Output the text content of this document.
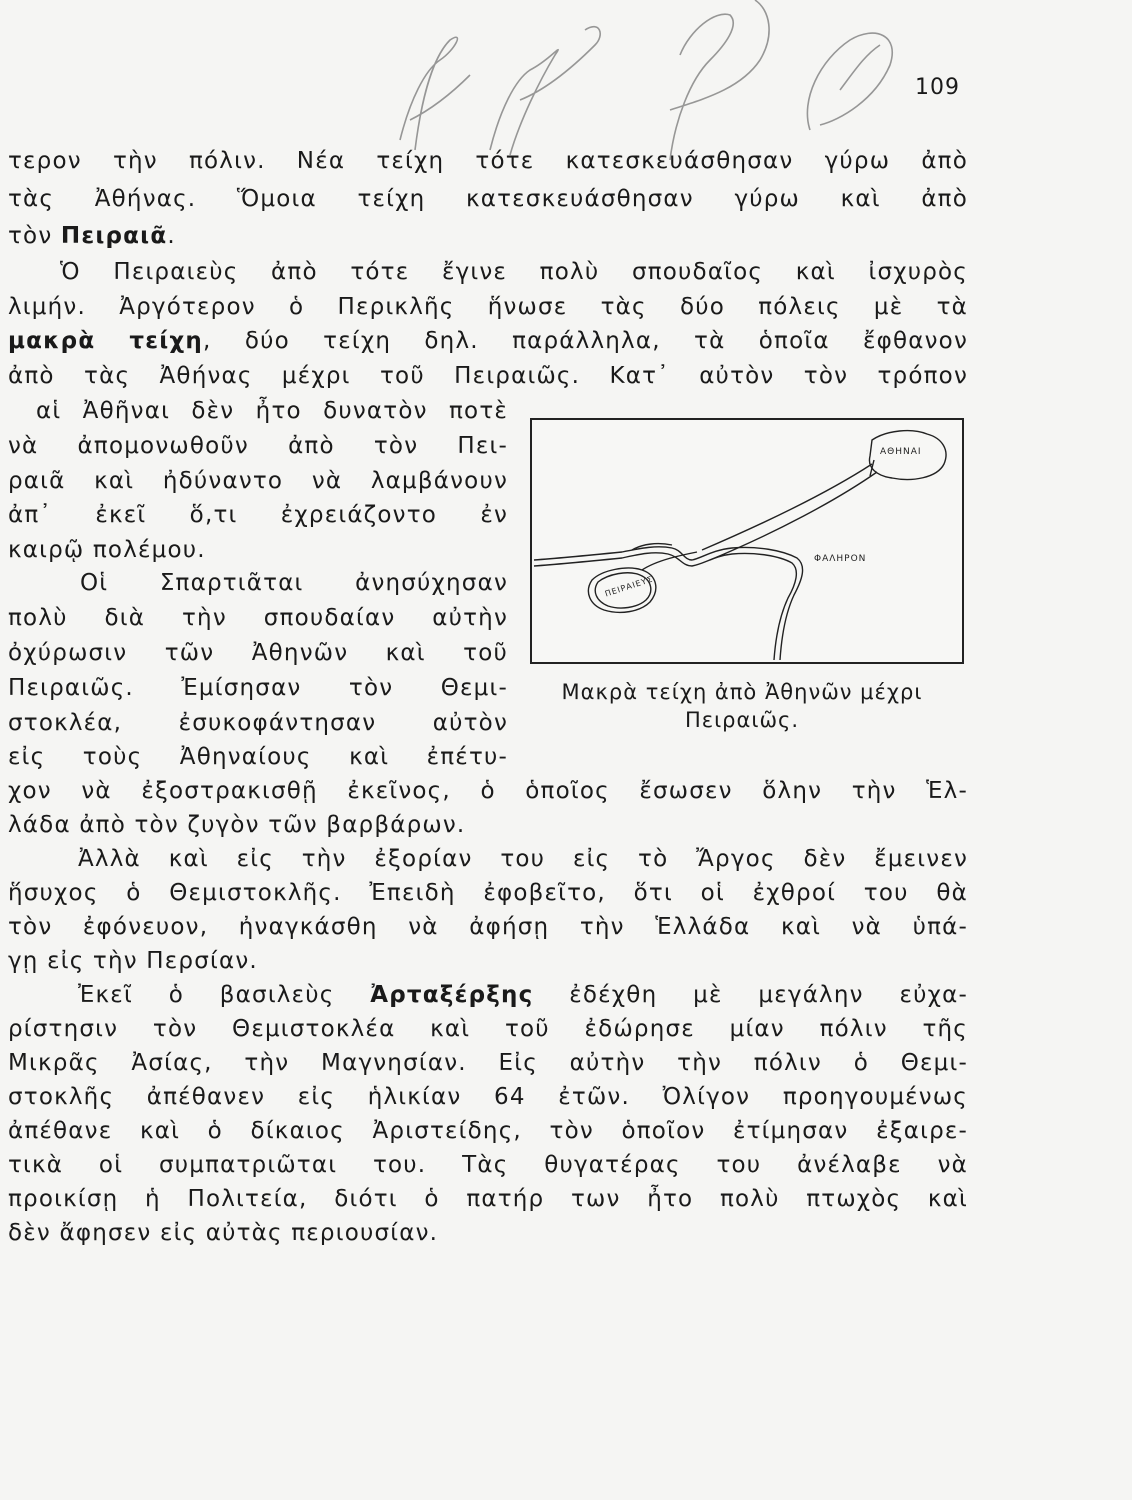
109
τερον τὴν πόλιν. Νέα τείχη τότε κατεσκευάσθησαν γύρω ἀπὸ
τὰς Ἀθήνας. Ὅμοια τείχη κατεσκευάσθησαν γύρω καὶ ἀπὸ
τὸν Πειραιᾶ.
Ὁ Πειραιεὺς ἀπὸ τότε ἔγινε πολὺ σπουδαῖος καὶ ἰσχυρὸς
λιμήν. Ἀργότερον ὁ Περικλῆς ἥνωσε τὰς δύο πόλεις μὲ τὰ
μακρὰ τείχη, δύο τείχη δηλ. παράλληλα, τὰ ὁποῖα ἔφθανον
ἀπὸ τὰς Ἀθήνας μέχρι τοῦ Πειραιῶς. Κατ᾽ αὐτὸν τὸν τρόπον
αἱ Ἀθῆναι δὲν ἦτο δυνατὸν ποτὲ
νὰ ἀπομονωθοῦν ἀπὸ τὸν Πει-
ραιᾶ καὶ ἠδύναντο νὰ λαμβάνουν
ἀπ᾽ ἐκεῖ ὅ,τι ἐχρειάζοντο ἐν
καιρῷ πολέμου.
Οἱ Σπαρτιᾶται ἀνησύχησαν
πολὺ διὰ τὴν σπουδαίαν αὐτὴν
ὀχύρωσιν τῶν Ἀθηνῶν καὶ τοῦ
Πειραιῶς. Ἐμίσησαν τὸν Θεμι-
στοκλέα, ἐσυκοφάντησαν αὐτὸν
εἰς τοὺς Ἀθηναίους καὶ ἐπέτυ-
χον νὰ ἐξοστρακισθῇ ἐκεῖνος, ὁ ὁποῖος ἔσωσεν ὅλην τὴν Ἑλ-
λάδα ἀπὸ τὸν ζυγὸν τῶν βαρβάρων.
Ἀλλὰ καὶ εἰς τὴν ἐξορίαν του εἰς τὸ Ἄργος δὲν ἔμεινεν
ἥσυχος ὁ Θεμιστοκλῆς. Ἐπειδὴ ἐφοβεῖτο, ὅτι οἱ ἐχθροί του θὰ
τὸν ἐφόνευον, ἠναγκάσθη νὰ ἀφήσῃ τὴν Ἑλλάδα καὶ νὰ ὑπά-
γῃ εἰς τὴν Περσίαν.
Ἐκεῖ ὁ βασιλεὺς Ἀρταξέρξης ἐδέχθη μὲ μεγάλην εὐχα-
ρίστησιν τὸν Θεμιστοκλέα καὶ τοῦ ἐδώρησε μίαν πόλιν τῆς
Μικρᾶς Ἀσίας, τὴν Μαγνησίαν. Εἰς αὐτὴν τὴν πόλιν ὁ Θεμι-
στοκλῆς ἀπέθανεν εἰς ἡλικίαν 64 ἐτῶν. Ὀλίγον προηγουμένως
ἀπέθανε καὶ ὁ δίκαιος Ἀριστείδης, τὸν ὁποῖον ἐτίμησαν ἐξαιρε-
τικὰ οἱ συμπατριῶται του. Τὰς θυγατέρας του ἀνέλαβε νὰ
προικίσῃ ἡ Πολιτεία, διότι ὁ πατήρ των ἦτο πολὺ πτωχὸς καὶ
δὲν ἄφησεν εἰς αὐτὰς περιουσίαν.
ΑΘΗΝΑΙ
ΦΑΛΗΡΟΝ
ΠΕΙΡΑΙΕΥΣ
Μακρὰ τείχη ἀπὸ Ἀθηνῶν μέχρι
Πειραιῶς.
